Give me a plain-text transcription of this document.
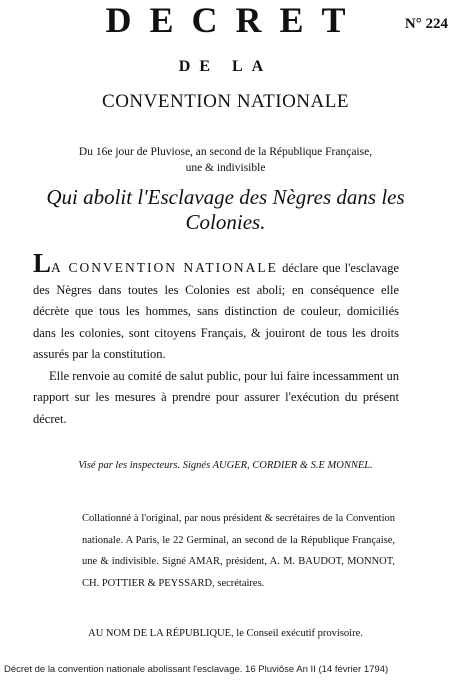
DECRET	N° 224
DE LA
CONVENTION NATIONALE
Du 16e jour de Pluviose, an second de la République Française,
une & indivisible
Qui abolit l'Esclavage des Nègres dans les Colonies.

LA CONVENTION NATIONALE déclare que l'esclavage des Nègres dans toutes les Colonies est aboli; en conséquence elle décrète que tous les hommes, sans distinction de couleur, domiciliés dans les colonies, sont citoyens Français, & jouiront de tous les droits assurés par la constitution.

Elle renvoie au comité de salut public, pour lui faire incessamment un rapport sur les mesures à prendre pour assurer l'exécution du présent décret.

Visé par les inspecteurs. Signés AUGER, CORDIER & S.E MONNEL.
Collationné à l'original, par nous président & secrétaires de la Convention nationale. A Paris, le 22 Germinal, an second de la République Française, une & indivisible. Signé AMAR, président, A. M. BAUDOT, MONNOT, CH. POTTIER & PEYSSARD, secrétaires.
AU NOM DE LA RÉPUBLIQUE, le Conseil exécutif provisoire.
Décret de la convention nationale abolissant l'esclavage. 16 Pluviôse An II (14 février 1794)
